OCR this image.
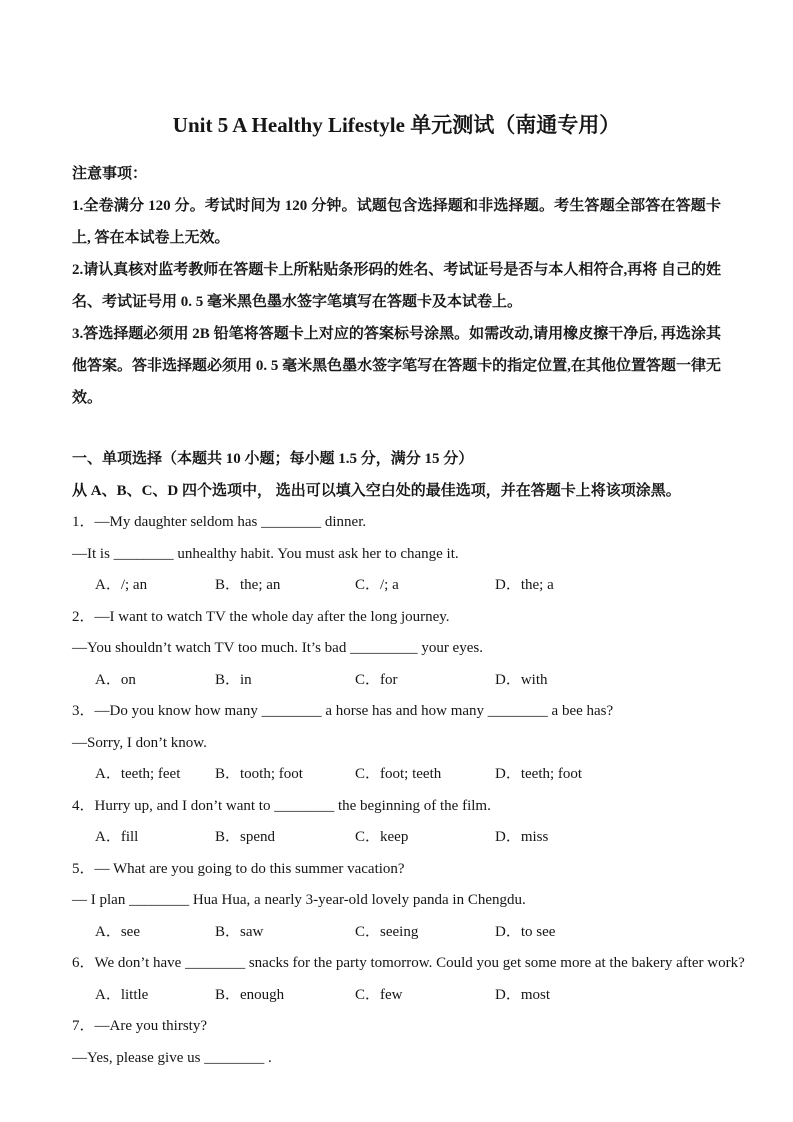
Unit 5 A Healthy Lifestyle 单元测试（南通专用）

注意事项：

1.全卷满分 120 分。考试时间为 120 分钟。试题包含选择题和非选择题。考生答题全部答在答题卡上, 答在本试卷上无效。

2.请认真核对监考教师在答题卡上所粘贴条形码的姓名、考试证号是否与本人相符合,再将 自己的姓名、考试证号用 0. 5 毫米黑色墨水签字笔填写在答题卡及本试卷上。

3.答选择题必须用 2B 铅笔将答题卡上对应的答案标号涂黑。如需改动,请用橡皮擦干净后, 再选涂其他答案。答非选择题必须用 0. 5 毫米黑色墨水签字笔写在答题卡的指定位置,在其他位置答题一律无效。

一、单项选择（本题共 10 小题；每小题 1.5 分，满分 15 分）

从 A、B、C、D 四个选项中， 选出可以填入空白处的最佳选项，并在答题卡上将该项涂黑。

1．—My daughter seldom has ________ dinner.

—It is ________ unhealthy habit. You must ask her to change it.

A．/; an	B．the; an	C．/; a	D．the; a

2．—I want to watch TV the whole day after the long journey.

—You shouldn’t watch TV too much. It’s bad _________ your eyes.

A．on	B．in	C．for	D．with

3．—Do you know how many ________ a horse has and how many ________ a bee has?

—Sorry, I don’t know.

A．teeth; feet B．tooth; foot	C．foot; teeth	D．teeth; foot

4．Hurry up, and I don’t want to ________ the beginning of the film.

A．fill	B．spend	C．keep	D．miss

5．— What are you going to do this summer vacation?

— I plan ________ Hua Hua, a nearly 3-year-old lovely panda in Chengdu.

A．see	B．saw	C．seeing	D．to see

6．We don’t have ________ snacks for the party tomorrow. Could you get some more at the bakery after work?

A．little	B．enough	C．few	D．most

7．—Are you thirsty?

—Yes, please give us ________ .
